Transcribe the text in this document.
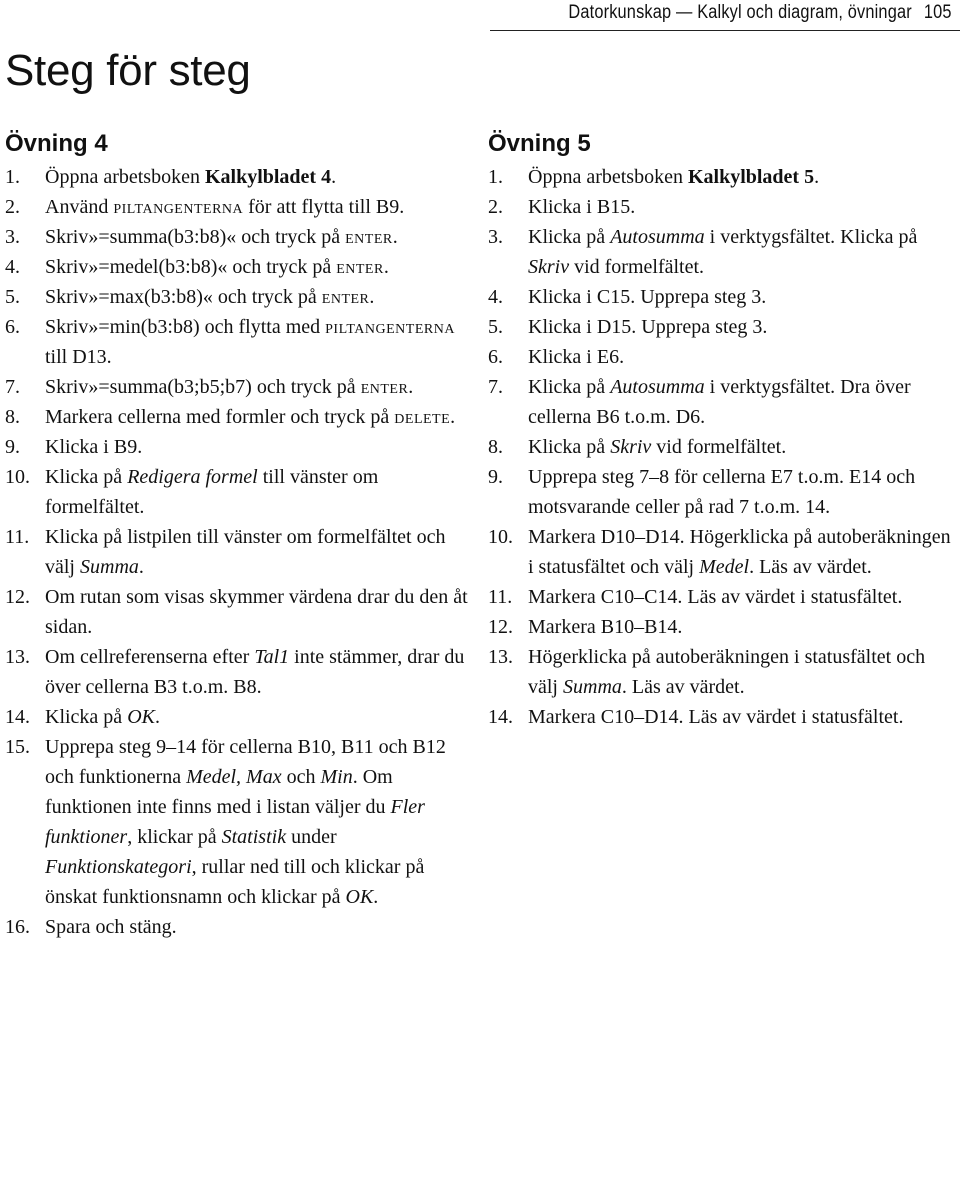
Datorkunskap — Kalkyl och diagram, övningar 105
Steg för steg
Övning 4
1. Öppna arbetsboken Kalkylbladet 4.
2. Använd piltangenterna för att flytta till B9.
3. Skriv»=summa(b3:b8)« och tryck på enter.
4. Skriv»=medel(b3:b8)« och tryck på enter.
5. Skriv»=max(b3:b8)« och tryck på enter.
6. Skriv»=min(b3:b8) och flytta med piltangenterna till D13.
7. Skriv»=summa(b3;b5;b7) och tryck på enter.
8. Markera cellerna med formler och tryck på delete.
9. Klicka i B9.
10. Klicka på Redigera formel till vänster om formelfältet.
11. Klicka på listpilen till vänster om formelfältet och välj Summa.
12. Om rutan som visas skymmer värdena drar du den åt sidan.
13. Om cellreferenserna efter Tal1 inte stämmer, drar du över cellerna B3 t.o.m. B8.
14. Klicka på OK.
15. Upprepa steg 9–14 för cellerna B10, B11 och B12 och funktionerna Medel, Max och Min. Om funktionen inte finns med i listan väljer du Fler funktioner, klickar på Statistik under Funktionskategori, rullar ned till och klickar på önskat funktionsnamn och klickar på OK.
16. Spara och stäng.
Övning 5
1. Öppna arbetsboken Kalkylbladet 5.
2. Klicka i B15.
3. Klicka på Autosumma i verktygsfältet. Klicka på Skriv vid formelfältet.
4. Klicka i C15. Upprepa steg 3.
5. Klicka i D15. Upprepa steg 3.
6. Klicka i E6.
7. Klicka på Autosumma i verktygsfältet. Dra över cellerna B6 t.o.m. D6.
8. Klicka på Skriv vid formelfältet.
9. Upprepa steg 7–8 för cellerna E7 t.o.m. E14 och motsvarande celler på rad 7 t.o.m. 14.
10. Markera D10–D14. Högerklicka på autoberäkningen i statusfältet och välj Medel. Läs av värdet.
11. Markera C10–C14. Läs av värdet i statusfältet.
12. Markera B10–B14.
13. Högerklicka på autoberäkningen i statusfältet och välj Summa. Läs av värdet.
14. Markera C10–D14. Läs av värdet i statusfältet.
